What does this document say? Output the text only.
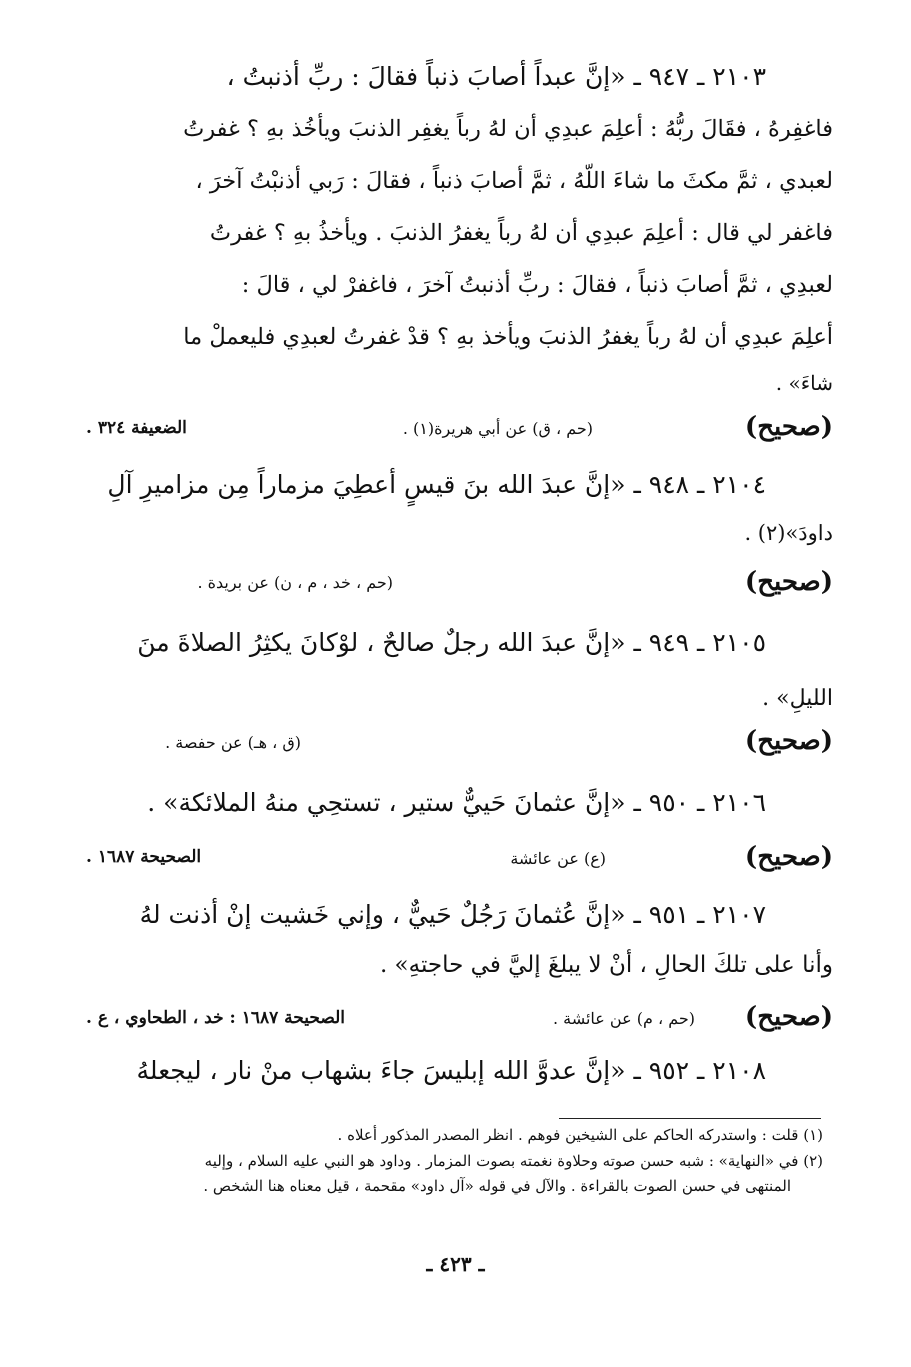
٢١٠٣ ـ ٩٤٧ ـ «إنَّ عبداً أصابَ ذنباً فقالَ : ربِّ أذنبتُ ،
فاغفِرهُ ، فقَالَ ربُّهُ : أعلِمَ عبدِي أن لهُ رباً يغفِر الذنبَ ويأخُذ بهِ ؟ غفرتُ
لعبدي ، ثمَّ مكثَ ما شاءَ اللّهُ ، ثمَّ أصابَ ذنباً ، فقالَ : رَبي أذنبْتُ آخرَ ،
فاغفر لي قال : أعلِمَ عبدِي أن لهُ رباً يغفرُ الذنبَ . ويأخذُ بهِ ؟ غفرتُ
لعبدِي ، ثمَّ أصابَ ذنباً ، فقالَ : ربِّ أذنبتُ آخرَ ، فاغفرْ لي ، قالَ :
أعلِمَ عبدِي أن لهُ رباً يغفرُ الذنبَ ويأخذ بهِ ؟ قدْ غفرتُ لعبدِي فليعملْ ما
شاءَ» .
(صحيح)
(حم ، ق) عن أبي هريرة(١) .
الضعيفة ٣٢٤ .
٢١٠٤ ـ ٩٤٨ ـ «إنَّ عبدَ الله بنَ قيسٍ أعطِيَ مزماراً مِن مزاميرِ آلِ
داودَ»(٢) .
(صحيح)
(حم ، خد ، م ، ن) عن بريدة .
٢١٠٥ ـ ٩٤٩ ـ «إنَّ عبدَ الله رجلٌ صالحٌ ، لوْكانَ يكثِرُ الصلاةَ منَ
الليلِ» .
(صحيح)
(ق ، هـ) عن حفصة .
٢١٠٦ ـ ٩٥٠ ـ «إنَّ عثمانَ حَييٌّ ستير ، تستحِي منهُ الملائكة» .
(صحيح)
(ع) عن عائشة
الصحيحة ١٦٨٧ .
٢١٠٧ ـ ٩٥١ ـ «إنَّ عُثمانَ رَجُلٌ حَييٌّ ، وإني خَشيت إنْ أذنت لهُ
وأنا على تلكَ الحالِ ، أنْ لا يبلغَ إليَّ في حاجتهِ» .
(صحيح)
(حم ، م) عن عائشة .
الصحيحة ١٦٨٧ : خد ، الطحاوي ، ع .
٢١٠٨ ـ ٩٥٢ ـ «إنَّ عدوَّ الله إبليسَ جاءَ بشهاب منْ نار ، ليجعلهُ
(١) قلت : واستدركه الحاكم على الشيخين فوهم . انظر المصدر المذكور أعلاه .
(٢) في «النهاية» : شبه حسن صوته وحلاوة نغمته بصوت المزمار . وداود هو النبي عليه السلام ، وإليه
المنتهى في حسن الصوت بالقراءة . والآل في قوله «آل داود» مقحمة ، قيل معناه هنا الشخص .
ـ ٤٢٣ ـ
